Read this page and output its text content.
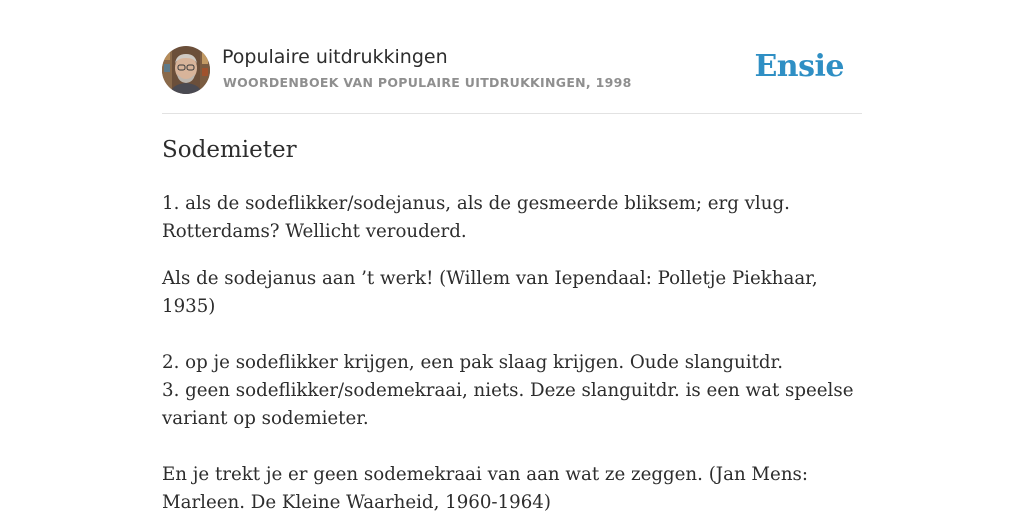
Populaire uitdrukkingen
WOORDENBOEK VAN POPULAIRE UITDRUKKINGEN, 1998	Ensie
Sodemieter

1. als de sodeflikker/sodejanus, als de gesmeerde bliksem; erg vlug. Rotterdams? Wellicht verouderd.

Als de sodejanus aan ’t werk! (Willem van Iependaal: Polletje Piekhaar, 1935)

2. op je sodeflikker krijgen, een pak slaag krijgen. Oude slanguitdr.
3. geen sodeflikker/sodemekraai, niets. Deze slanguitdr. is een wat speelse variant op sodemieter.

En je trekt je er geen sodemekraai van aan wat ze zeggen. (Jan Mens: Marleen. De Kleine Waarheid, 1960-1964)
